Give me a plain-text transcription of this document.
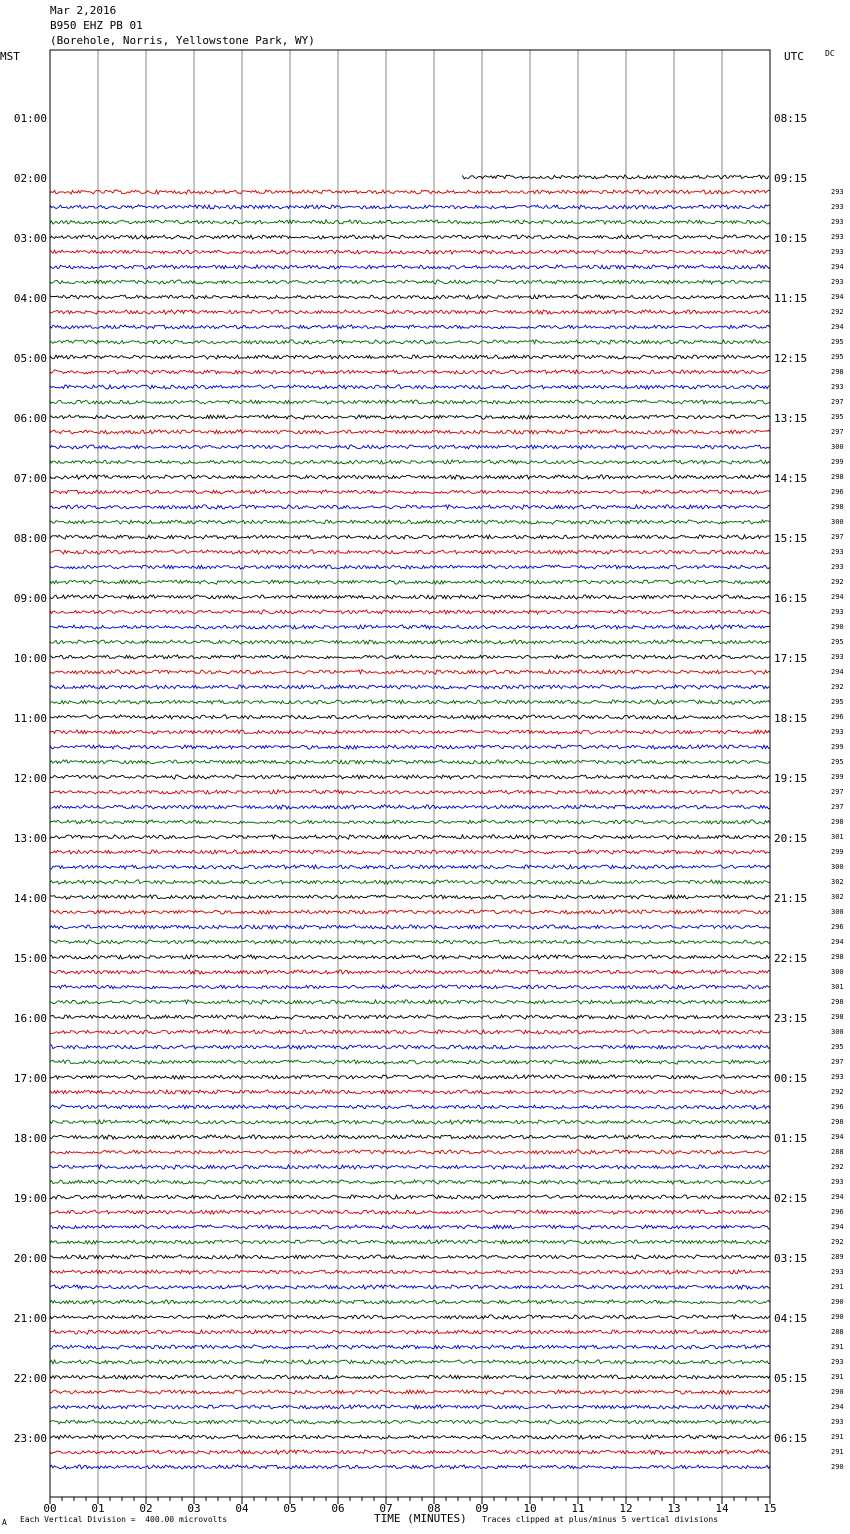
00	01	02	03	04	05	06	07	08	09	10	11	12	13	14	15
01:00
02:00
03:00
04:00
05:00
06:00
07:00
08:00
09:00
10:00
11:00
12:00
13:00
14:00
15:00
16:00
17:00
18:00
19:00
20:00
21:00
22:00
23:00
08:15
09:15
10:15
11:15
12:15
13:15
14:15
15:15
16:15
17:15
18:15
19:15
20:15
21:15
22:15
23:15
00:15
01:15
02:15
03:15
04:15
05:15
06:15
293
293
293
293
293
294
293
294
292
294
295
295
298
293
297
295
297
300
299
298
296
298
300
297
293
293
292
294
293
290
295
293
294
292
295
296
293
299
295
299
297
297
298
301
299
300
302
302
300
296
294
298
300
301
298
298
300
295
297
293
292
296
298
294
288
292
293
294
296
294
292
289
293
291
290
290
288
291
293
291
290
294
293
291
291
290
Mar 2,2016
B950 EHZ PB 01
(Borehole, Norris, Yellowstone Park, WY)
MST	UTC	DC
A Each Vertical Division =  400.00 microvolts	TIME (MINUTES) Traces clipped at plus/minus 5 vertical divisions
